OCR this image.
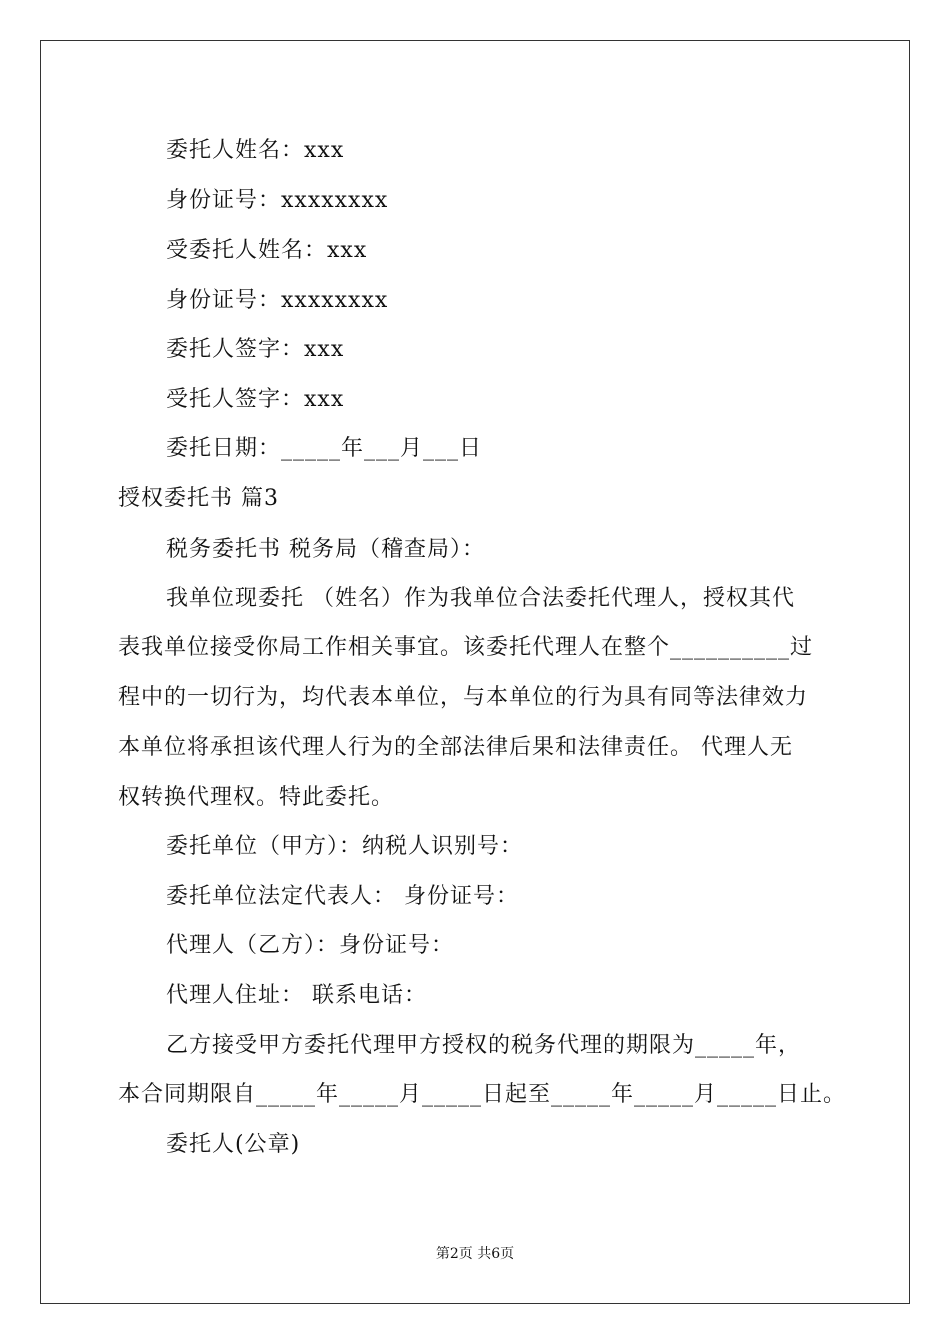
委托人姓名：xxx
身份证号：xxxxxxxx
受委托人姓名：xxx
身份证号：xxxxxxxx
委托人签字：xxx
受托人签字：xxx
委托日期：_____年___月___日
授权委托书 篇3
税务委托书 税务局（稽查局）：
我单位现委托 （姓名）作为我单位合法委托代理人，授权其代
表我单位接受你局工作相关事宜。该委托代理人在整个__________过
程中的一切行为，均代表本单位，与本单位的行为具有同等法律效力
本单位将承担该代理人行为的全部法律后果和法律责任。 代理人无
权转换代理权。特此委托。
委托单位（甲方）：纳税人识别号：
委托单位法定代表人： 身份证号：
代理人（乙方）：身份证号：
代理人住址： 联系电话：
乙方接受甲方委托代理甲方授权的税务代理的期限为_____年，
本合同期限自_____年_____月_____日起至_____年_____月_____日止。
委托人(公章)
第2页 共6页
